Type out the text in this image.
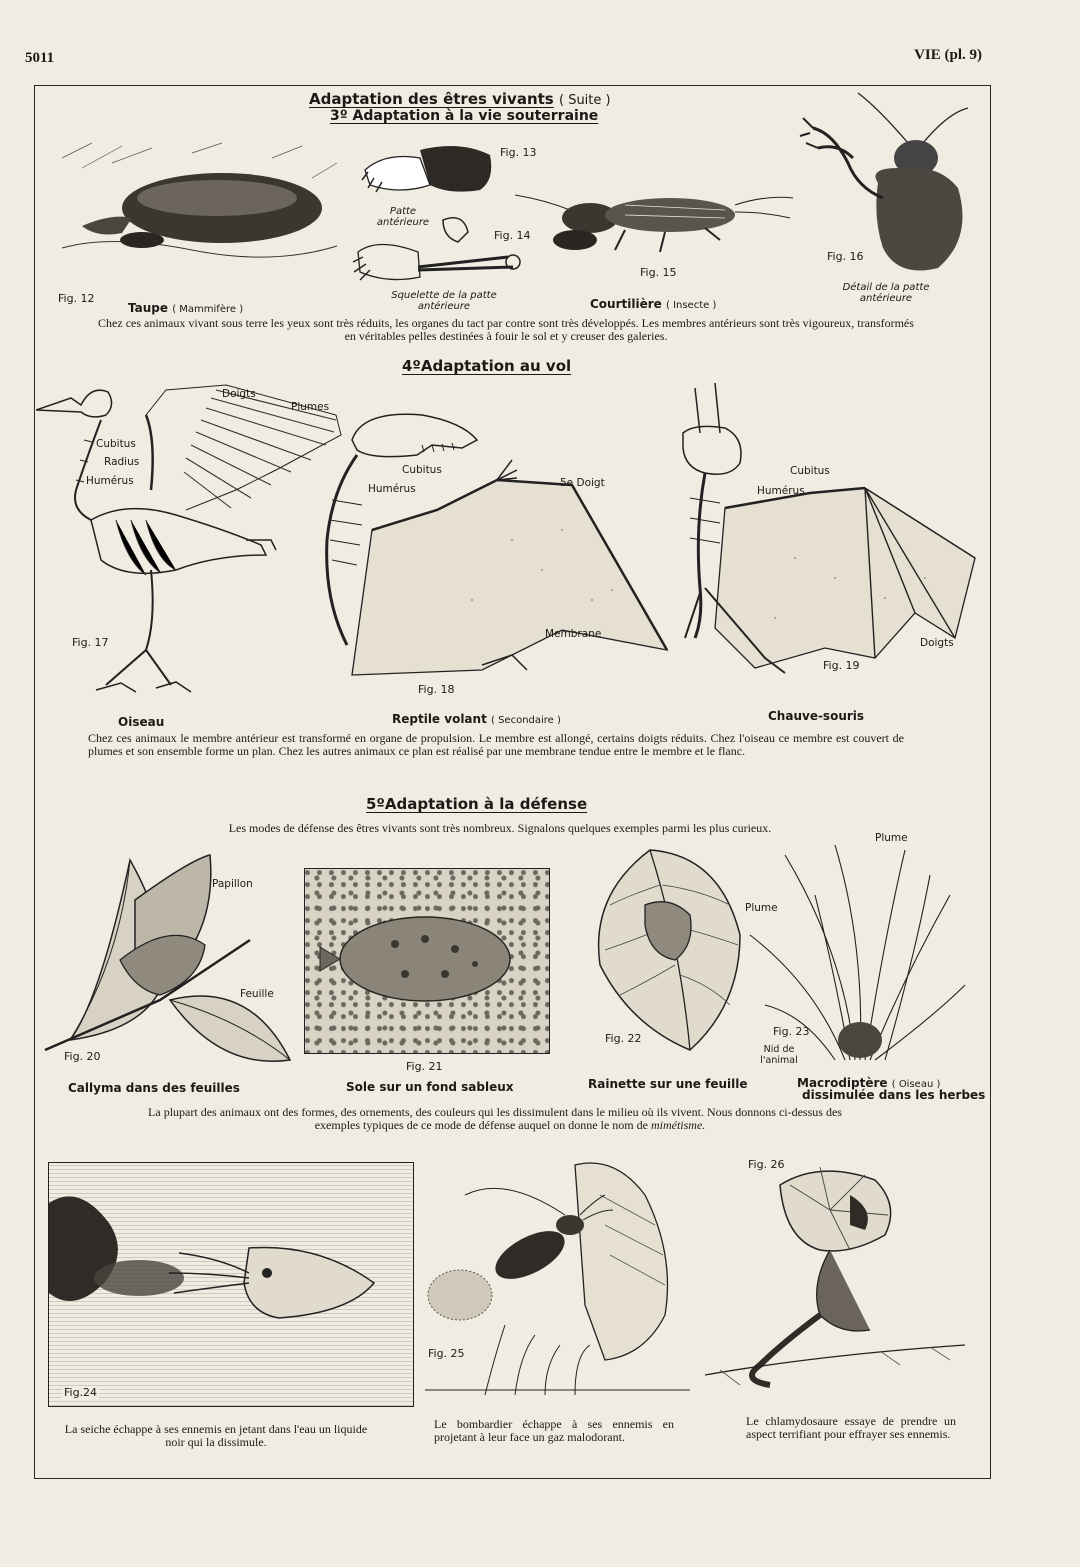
5011	VIE (pl. 9)
Adaptation des êtres vivants ( Suite )
3º Adaptation à la vie souterraine
Fig. 12
Taupe ( Mammifère )
Fig. 13
Patte antérieure
Fig. 14
Squelette de la patte antérieure
Fig. 15
Courtilière ( Insecte )
Fig. 16
Détail de la patte antérieure
Chez ces animaux vivant sous terre les yeux sont très réduits, les organes du tact par contre sont très développés. Les membres antérieurs sont très vigoureux, transformés en véritables pelles destinées à fouir le sol et y creuser des galeries.
4ºAdaptation au vol
Doigts
Plumes
Cubitus
Radius
Humérus
Fig. 17
Oiseau
Cubitus
Humérus	5e Doigt
Membrane
Fig. 18
Reptile volant ( Secondaire )
Cubitus
Humérus
Doigts
Fig. 19
Chauve-souris
Chez ces animaux le membre antérieur est transformé en organe de propulsion. Le membre est allongé, certains doigts réduits. Chez l'oiseau ce membre est couvert de plumes et son ensemble forme un plan. Chez les autres animaux ce plan est réalisé par une membrane tendue entre le membre et le flanc.
5ºAdaptation à la défense
Les modes de défense des êtres vivants sont très nombreux. Signalons quelques exemples parmi les plus curieux.
Papillon
Feuille
Fig. 20
Callyma dans des feuilles
Fig. 21
Sole sur un fond sableux
Fig. 22
Rainette sur une feuille
Plume
Plume
Fig. 23
Nid de l'animal
Macrodiptère ( Oiseau )
dissimulée dans les herbes
La plupart des animaux ont des formes, des ornements, des couleurs qui les dissimulent dans le milieu où ils vivent. Nous donnons ci-dessus des
exemples typiques de ce mode de défense auquel on donne le nom de mimétisme.
Fig.24
La seiche échappe à ses ennemis en jetant dans l'eau un liquide noir qui la dissimule.
Fig. 25
Le bombardier échappe à ses ennemis en projetant à leur face un gaz malodorant.
Fig. 26
Le chlamydosaure essaye de prendre un aspect terrifiant pour effrayer ses ennemis.
